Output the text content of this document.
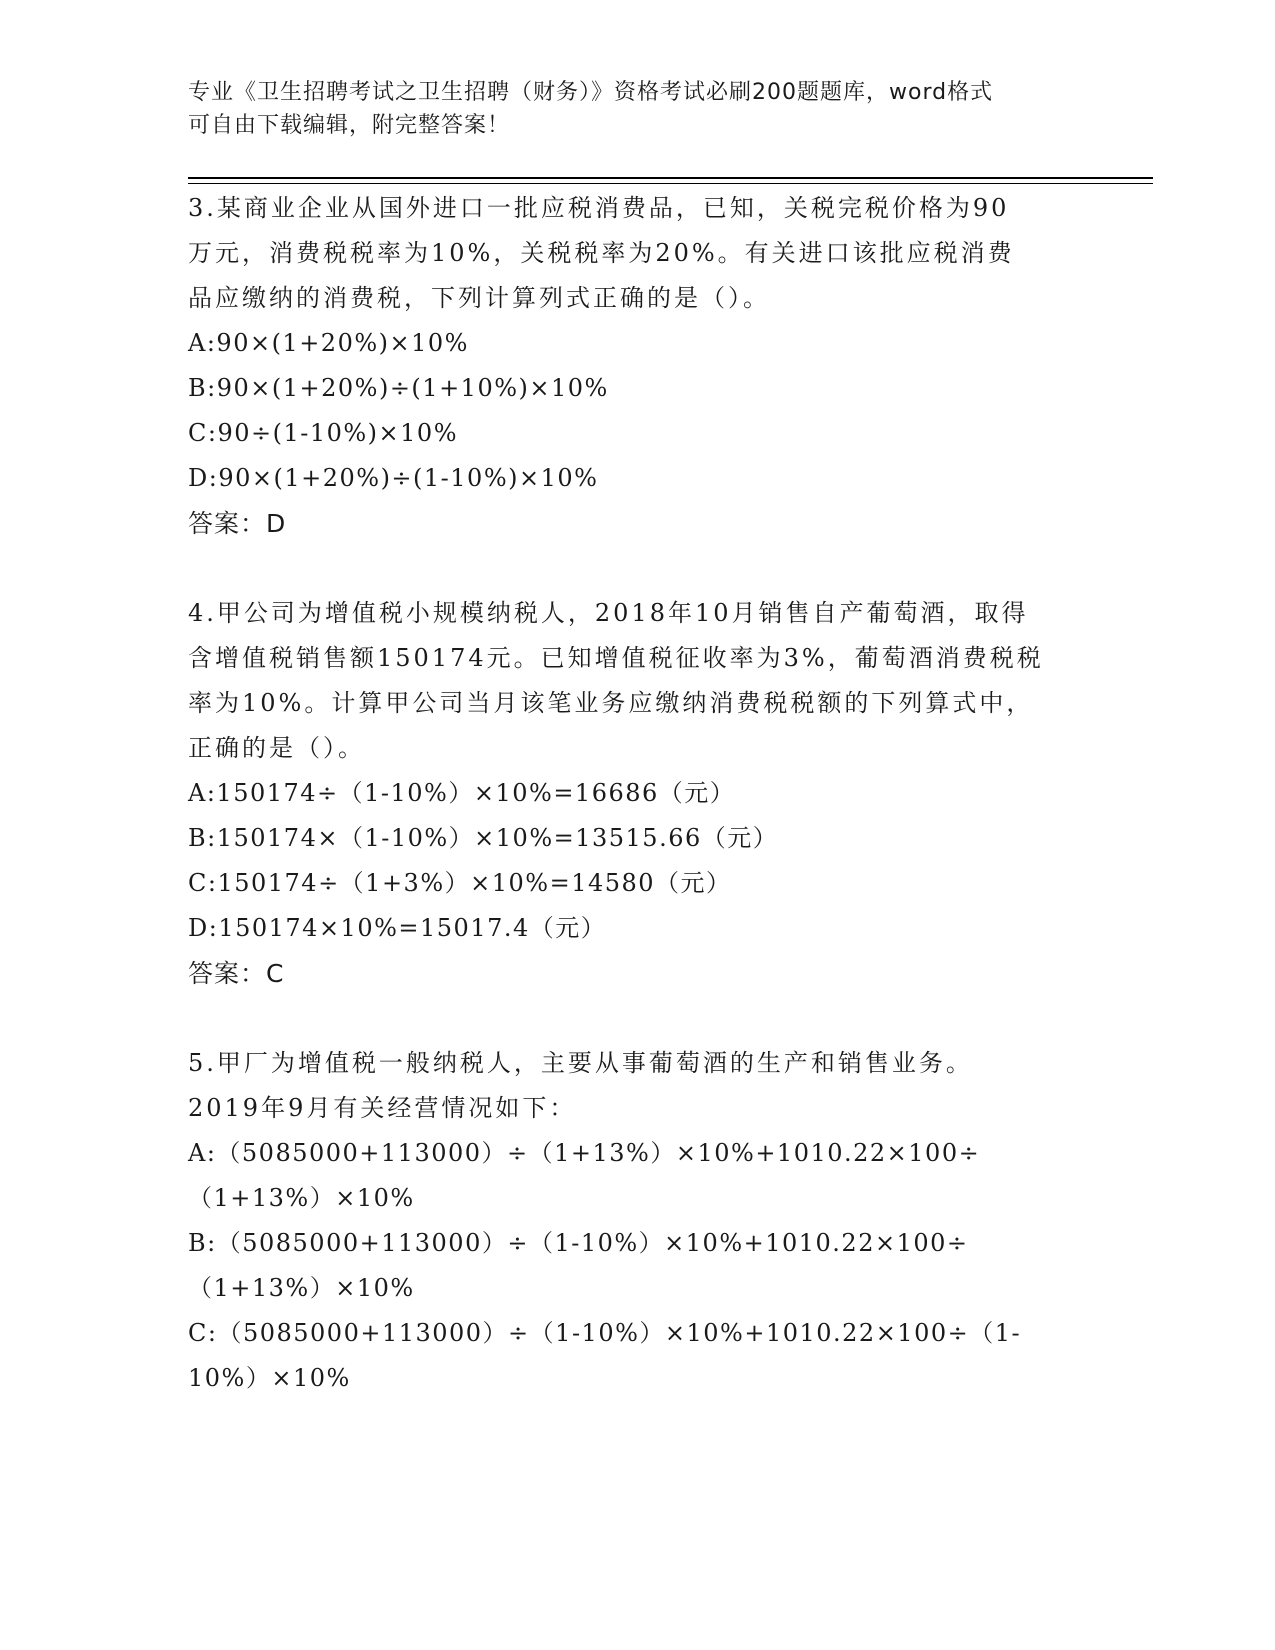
专业《卫生招聘考试之卫生招聘（财务）》资格考试必刷200题题库，word格式
可自由下载编辑，附完整答案！

3.某商业企业从国外进口一批应税消费品，已知，关税完税价格为90
万元，消费税税率为10%，关税税率为20%。有关进口该批应税消费
品应缴纳的消费税，下列计算列式正确的是（）。

A:90×(1+20%)×10%

B:90×(1+20%)÷(1+10%)×10%

C:90÷(1-10%)×10%

D:90×(1+20%)÷(1-10%)×10%

答案：D

4.甲公司为增值税小规模纳税人，2018年10月销售自产葡萄酒，取得
含增值税销售额150174元。已知增值税征收率为3%，葡萄酒消费税税
率为10%。计算甲公司当月该笔业务应缴纳消费税税额的下列算式中，
正确的是（）。

A:150174÷（1-10%）×10%=16686（元）

B:150174×（1-10%）×10%=13515.66（元）

C:150174÷（1+3%）×10%=14580（元）

D:150174×10%=15017.4（元）

答案：C

5.甲厂为增值税一般纳税人，主要从事葡萄酒的生产和销售业务。
2019年9月有关经营情况如下：

A:（5085000+113000）÷（1+13%）×10%+1010.22×100÷（1+13%）×10%

B:（5085000+113000）÷（1-10%）×10%+1010.22×100÷（1+13%）×10%

C:（5085000+113000）÷（1-10%）×10%+1010.22×100÷（1-10%）×10%
